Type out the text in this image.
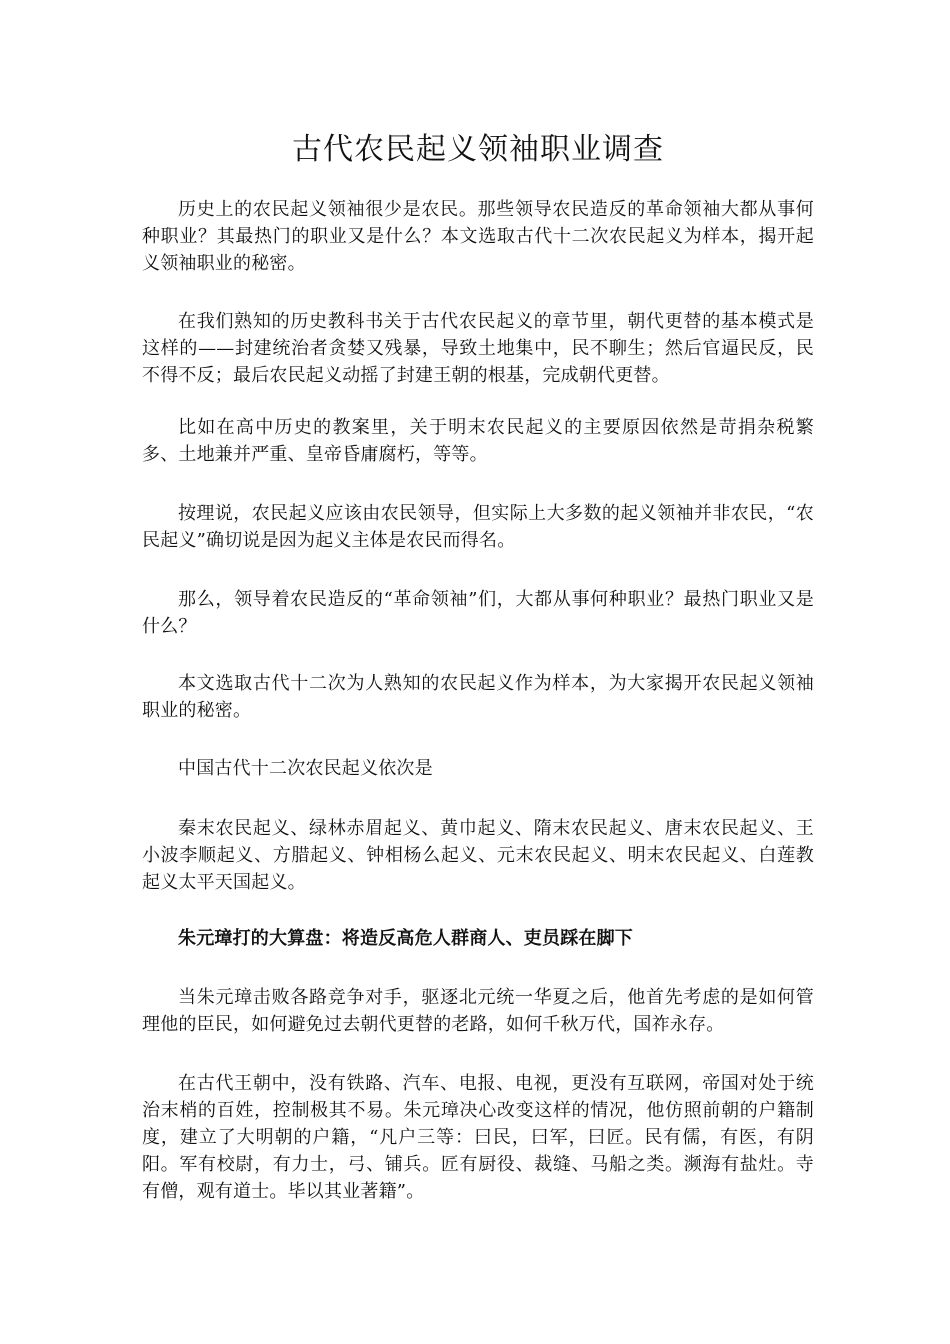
古代农民起义领袖职业调查

历史上的农民起义领袖很少是农民。那些领导农民造反的革命领袖大都从事何种职业？其最热门的职业又是什么？本文选取古代十二次农民起义为样本，揭开起义领袖职业的秘密。

在我们熟知的历史教科书关于古代农民起义的章节里，朝代更替的基本模式是这样的——封建统治者贪婪又残暴，导致土地集中，民不聊生；然后官逼民反，民不得不反；最后农民起义动摇了封建王朝的根基，完成朝代更替。

比如在高中历史的教案里，关于明末农民起义的主要原因依然是苛捐杂税繁多、土地兼并严重、皇帝昏庸腐朽，等等。

按理说，农民起义应该由农民领导，但实际上大多数的起义领袖并非农民，“农民起义”确切说是因为起义主体是农民而得名。

那么，领导着农民造反的“革命领袖”们，大都从事何种职业？最热门职业又是什么？

本文选取古代十二次为人熟知的农民起义作为样本，为大家揭开农民起义领袖职业的秘密。

中国古代十二次农民起义依次是

秦末农民起义、绿林赤眉起义、黄巾起义、隋末农民起义、唐末农民起义、王小波李顺起义、方腊起义、钟相杨么起义、元末农民起义、明末农民起义、白莲教起义太平天国起义。

朱元璋打的大算盘：将造反高危人群商人、吏员踩在脚下

当朱元璋击败各路竞争对手，驱逐北元统一华夏之后，他首先考虑的是如何管理他的臣民，如何避免过去朝代更替的老路，如何千秋万代，国祚永存。

在古代王朝中，没有铁路、汽车、电报、电视，更没有互联网，帝国对处于统治末梢的百姓，控制极其不易。朱元璋决心改变这样的情况，他仿照前朝的户籍制度，建立了大明朝的户籍，“凡户三等：曰民，曰军，曰匠。民有儒，有医，有阴阳。军有校尉，有力士，弓、铺兵。匠有厨役、裁缝、马船之类。濒海有盐灶。寺有僧，观有道士。毕以其业著籍”。
